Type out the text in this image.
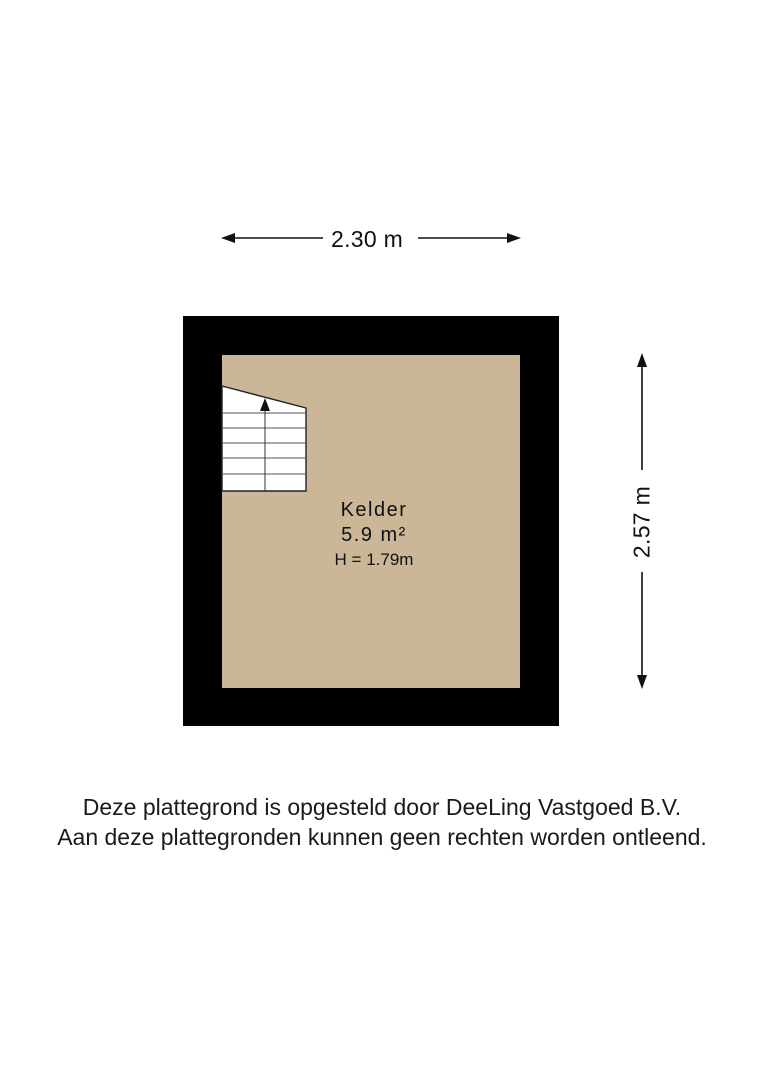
2.30 m
2.57 m
Kelder
5.9 m²
H = 1.79m
Deze plattegrond is opgesteld door DeeLing Vastgoed B.V.
Aan deze plattegronden kunnen geen rechten worden ontleend.
